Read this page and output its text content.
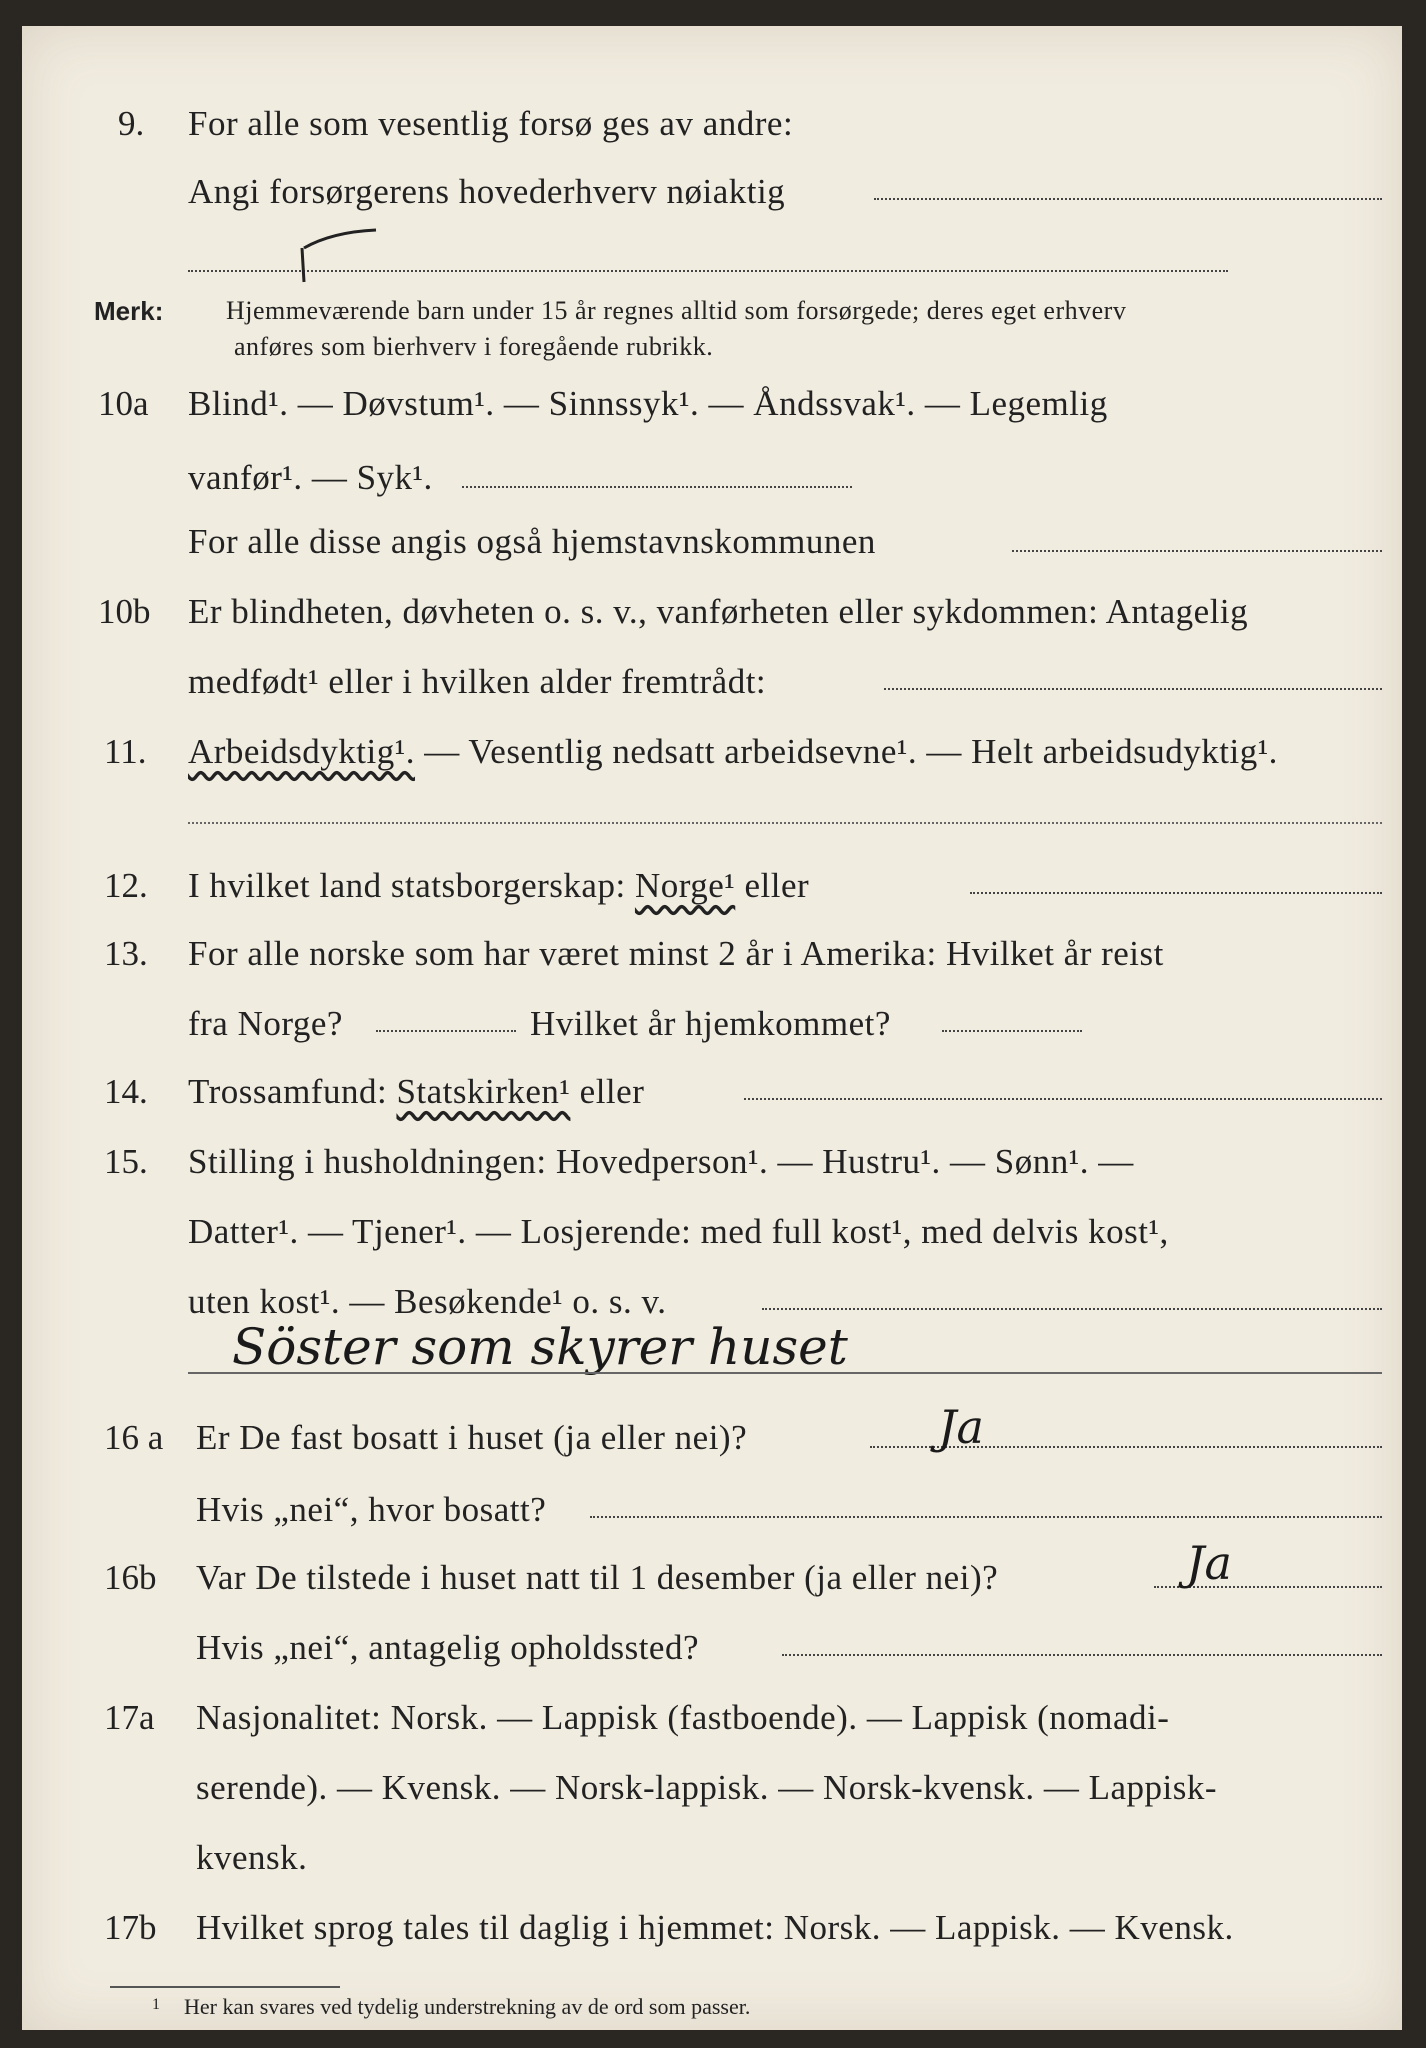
9. For alle som vesentlig forsø ges av andre:
Angi forsørgerens hovederhverv nøiaktig
Merk: Hjemmeværende barn under 15 år regnes alltid som forsørgede; deres eget erhverv
anføres som bierhverv i foregående rubrikk.
10a Blind¹. — Døvstum¹. — Sinnssyk¹. — Åndssvak¹. — Legemlig
vanfør¹. — Syk¹.
For alle disse angis også hjemstavnskommunen
10b Er blindheten, døvheten o. s. v., vanførheten eller sykdommen: Antagelig
medfødt¹ eller i hvilken alder fremtrådt:
11. Arbeidsdyktig¹. — Vesentlig nedsatt arbeidsevne¹. — Helt arbeidsudyktig¹.
12. I hvilket land statsborgerskap: Norge¹ eller
13. For alle norske som har været minst 2 år i Amerika: Hvilket år reist
fra Norge?	Hvilket år hjemkommet?
14. Trossamfund: Statskirken¹ eller
15. Stilling i husholdningen: Hovedperson¹. — Hustru¹. — Sønn¹. —
Datter¹. — Tjener¹. — Losjerende: med full kost¹, med delvis kost¹,
uten kost¹. — Besøkende¹ o. s. v.
Söster som skyrer huset
16 a Er De fast bosatt i huset (ja eller nei)?	Ja
Hvis „nei“, hvor bosatt?
16b Var De tilstede i huset natt til 1 desember (ja eller nei)?	Ja
Hvis „nei“, antagelig opholdssted?
17a Nasjonalitet: Norsk. — Lappisk (fastboende). — Lappisk (nomadi-
serende). — Kvensk. — Norsk-lappisk. — Norsk-kvensk. — Lappisk-
kvensk.
17b Hvilket sprog tales til daglig i hjemmet: Norsk. — Lappisk. — Kvensk.
1 Her kan svares ved tydelig understrekning av de ord som passer.
